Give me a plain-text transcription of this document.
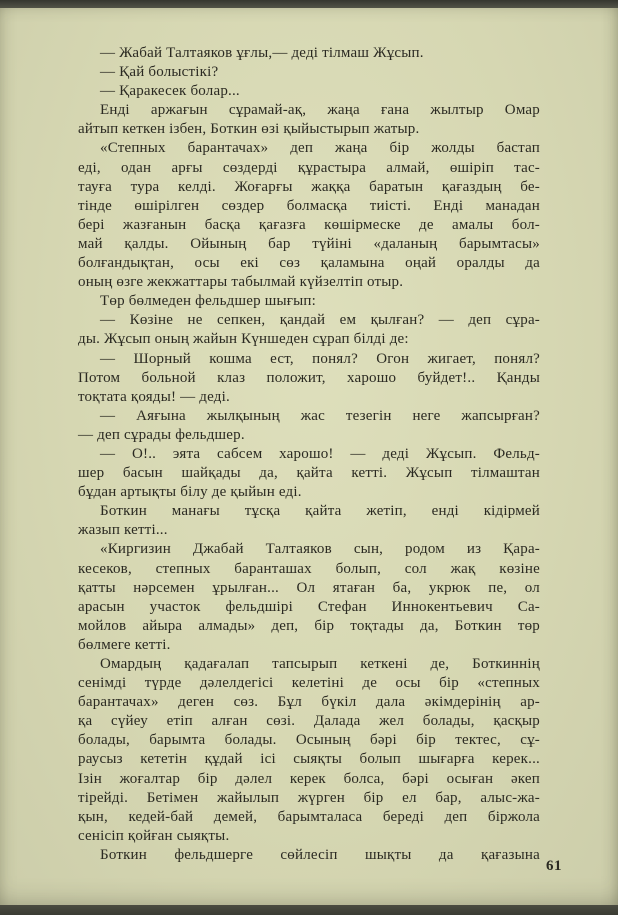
— Жабай Талтаяков ұғлы,— деді тілмаш Жұсып.
— Қай болыстікі?
— Қаракесек болар...
Енді аржағын сұрамай-ақ, жаңа ғана жылтыр Омар
айтып кеткен ізбен, Боткин өзі қыйыстырып жатыр.
«Степных барантачах» деп жаңа бір жолды бастап
еді, одан арғы сөздерді құрастыра алмай, өшіріп тас-
тауға тура келді. Жоғарғы жаққа баратын қағаздың бе-
тінде өшірілген сөздер болмасқа тиісті. Енді манадан
бері жазғанын басқа қағазға көшірмеске де амалы бол-
май қалды. Ойының бар түйіні «даланың барымтасы»
болғандықтан, осы екі сөз қаламына оңай оралды да
оның өзге жекжаттары табылмай күйзелтіп отыр.
Төр бөлмеден фельдшер шығып:
— Көзіне не сепкен, қандай ем қылған? — деп сұра-
ды. Жұсып оның жайын Күншеден сұрап білді де:
— Шорный кошма ест, понял? Огон жигает, понял?
Потом больной клаз положит, харошо буйдет!.. Қанды
тоқтата қояды! — деді.
— Аяғына жылқының жас тезегін неге жапсырған?
— деп сұрады фельдшер.
— О!.. эята сабсем харошо! — деді Жұсып. Фельд-
шер басын шайқады да, қайта кетті. Жұсып тілмаштан
бұдан артықты білу де қыйын еді.
Боткин манағы тұсқа қайта жетіп, енді кідірмей
жазып кетті...
«Киргизин Джабай Талтаяков сын, родом из Қара-
кесеков, степных баранташах болып, сол жақ көзіне
қатты нәрсемен ұрылған... Ол ятаған ба, укрюк пе, ол
арасын участок фельдшірі Стефан Иннокентьевич Са-
мойлов айыра алмады» деп, бір тоқтады да, Боткин төр
бөлмеге кетті.
Омардың қадағалап тапсырып кеткені де, Боткиннің
сенімді түрде дәлелдегісі келетіні де осы бір «степных
барантачах» деген сөз. Бұл бүкіл дала әкімдерінің ар-
қа сүйеу етіп алған сөзі. Далада жел болады, қасқыр
болады, барымта болады. Осының бәрі бір тектес, сұ-
раусыз кететін құдай ісі сыяқты болып шығарға керек...
Ізін жоғалтар бір дәлел керек болса, бәрі осыған әкеп
тірейді. Бетімен жайылып жүрген бір ел бар, алыс-жа-
қын, кедей-бай демей, барымталаса береді деп біржола
сенісіп қойған сыяқты.
Боткин фельдшерге сөйлесіп шықты да қағазына
61
